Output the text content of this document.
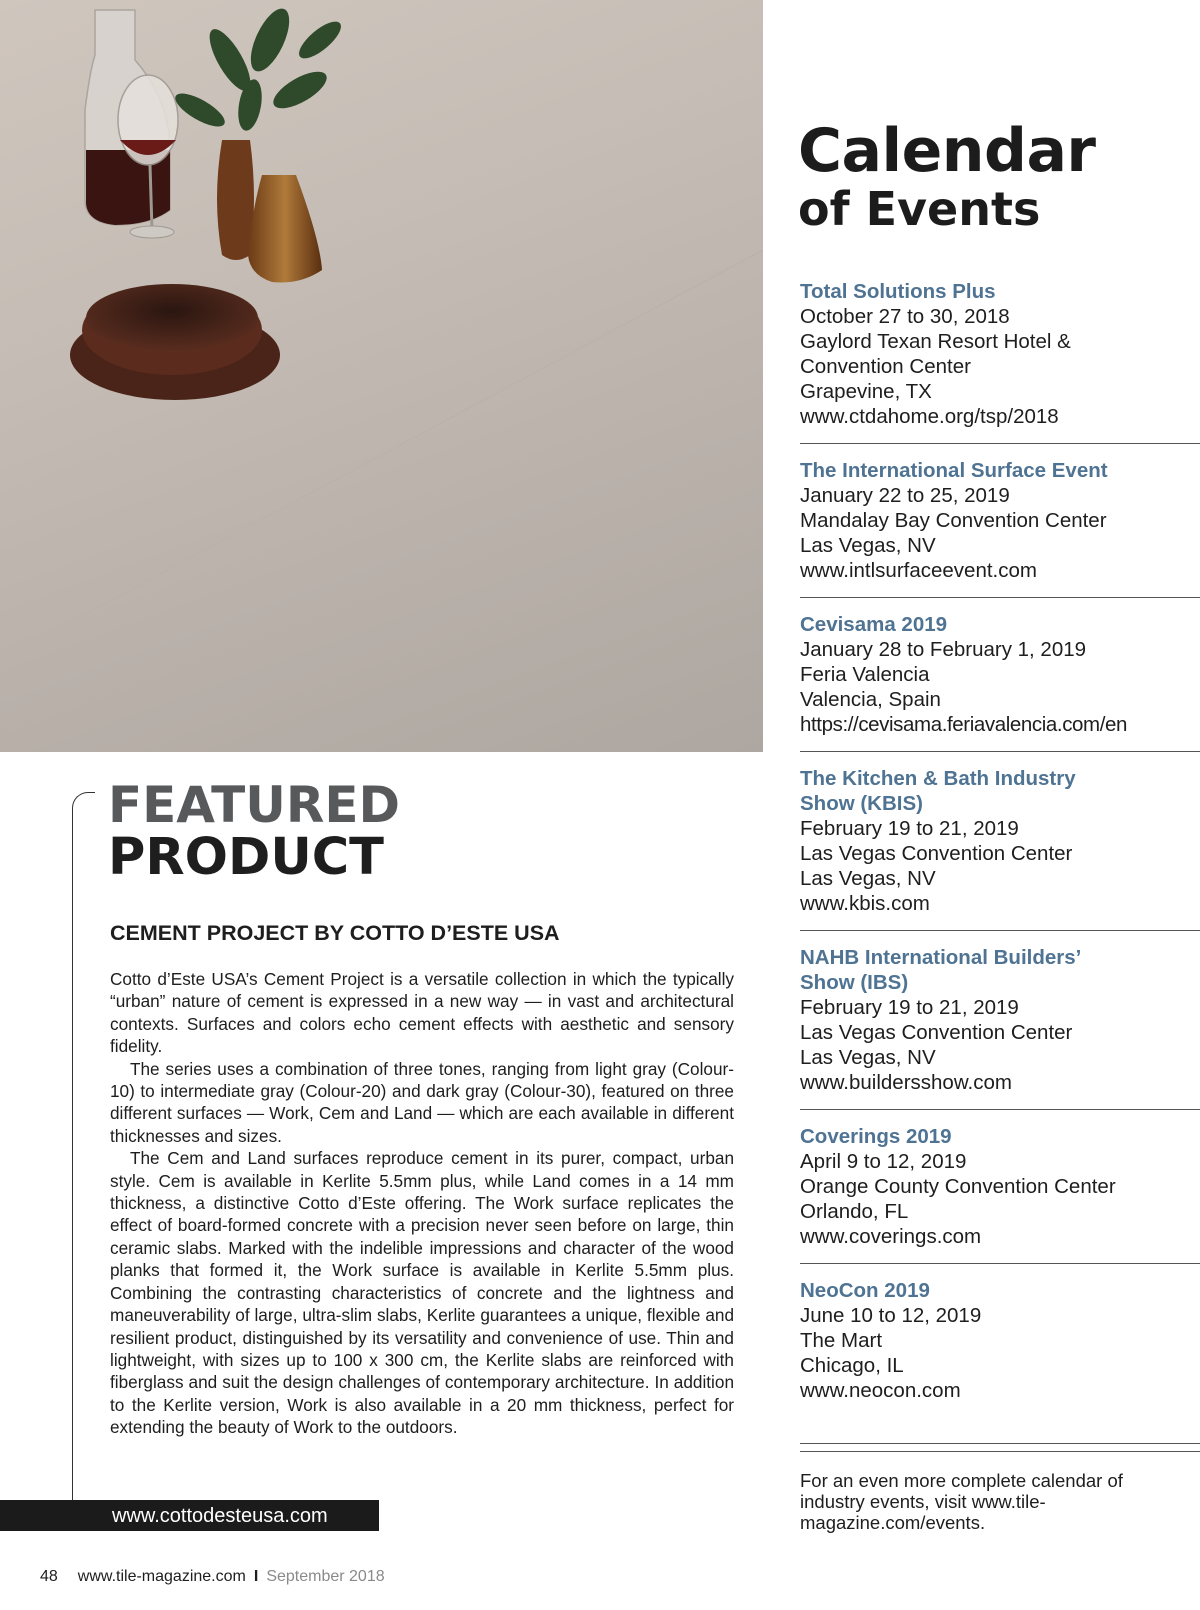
Calendar
of Events
Total Solutions Plus
October 27 to 30, 2018
Gaylord Texan Resort Hotel &
Convention Center
Grapevine, TX
www.ctdahome.org/tsp/2018
The International Surface Event
January 22 to 25, 2019
Mandalay Bay Convention Center
Las Vegas, NV
www.intlsurfaceevent.com
Cevisama 2019
January 28 to February 1, 2019
Feria Valencia
Valencia, Spain
https://cevisama.feriavalencia.com/en
The Kitchen & Bath Industry Show (KBIS)
February 19 to 21, 2019
Las Vegas Convention Center
Las Vegas, NV
www.kbis.com
NAHB International Builders’ Show (IBS)
February 19 to 21, 2019
Las Vegas Convention Center
Las Vegas, NV
www.buildersshow.com
Coverings 2019
April 9 to 12, 2019
Orange County Convention Center
Orlando, FL
www.coverings.com
NeoCon 2019
June 10 to 12, 2019
The Mart
Chicago, IL
www.neocon.com
For an even more complete calendar of industry events, visit www.tile-magazine.com/events.
FEATURED
PRODUCT
CEMENT PROJECT BY COTTO D’ESTE USA

Cotto d’Este USA’s Cement Project is a versatile collection in which the typically “urban” nature of cement is expressed in a new way — in vast and architectural contexts. Surfaces and colors echo cement effects with aesthetic and sensory fidelity.

The series uses a combination of three tones, ranging from light gray (Colour-10) to intermediate gray (Colour-20) and dark gray (Colour-30), featured on three different surfaces — Work, Cem and Land — which are each available in different thicknesses and sizes.

The Cem and Land surfaces reproduce cement in its purer, compact, urban style. Cem is available in Kerlite 5.5mm plus, while Land comes in a 14 mm thickness, a distinctive Cotto d’Este offering. The Work surface replicates the effect of board-formed concrete with a precision never seen before on large, thin ceramic slabs. Marked with the indelible impressions and character of the wood planks that formed it, the Work surface is available in Kerlite 5.5mm plus. Combining the contrasting characteristics of concrete and the lightness and maneuverability of large, ultra-slim slabs, Kerlite guarantees a unique, flexible and resilient product, distinguished by its versatility and convenience of use. Thin and lightweight, with sizes up to 100 x 300 cm, the Kerlite slabs are reinforced with fiberglass and suit the design challenges of contemporary architecture. In addition to the Kerlite version, Work is also available in a 20 mm thickness, perfect for extending the beauty of Work to the outdoors.

www.cottodesteusa.com
48 www.tile-magazine.com I September 2018
